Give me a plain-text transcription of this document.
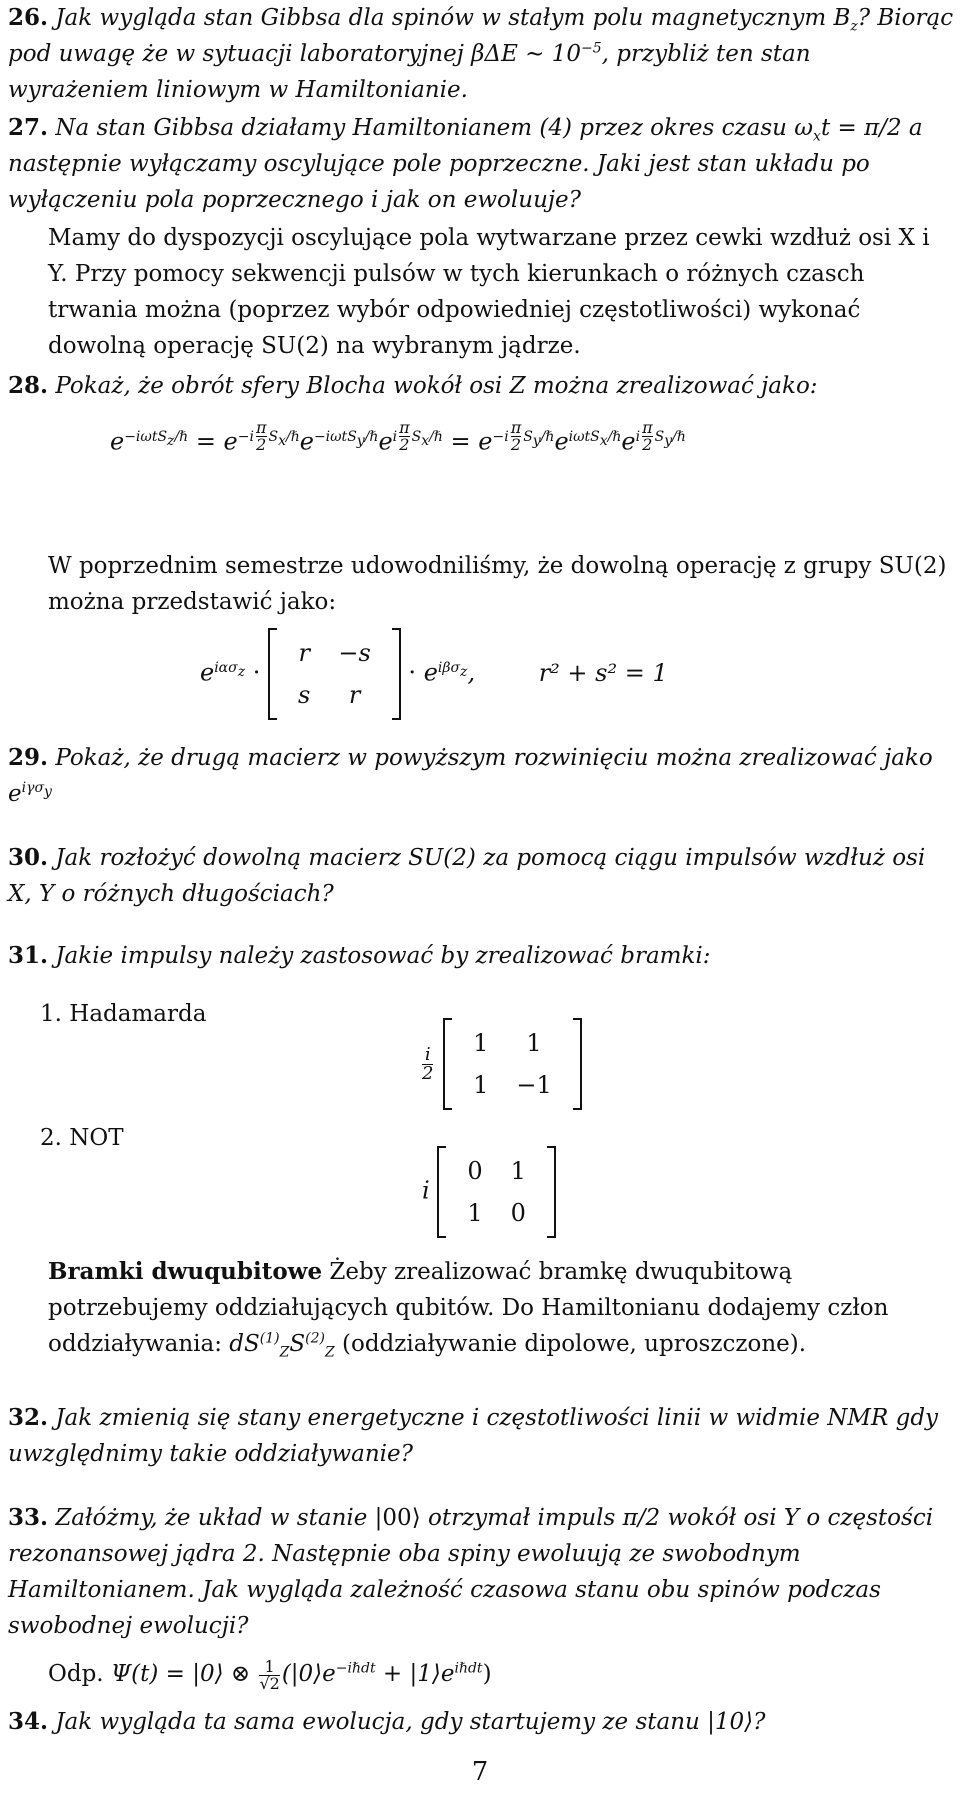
26. Jak wygląda stan Gibbsa dla spinów w stałym polu magnetycznym $B_z$? Biorąc pod uwagę że w sytuacji laboratoryjnej βΔE ∼ $10^{-5}$, przybliż ten stan wyrażeniem liniowym w Hamiltonianie.
27. Na stan Gibbsa działamy Hamiltonianem (4) przez okres czasu $\omega_xt = \pi/2$ a następnie wyłączamy oscylujące pole poprzeczne. Jaki jest stan układu po wyłączeniu pola poprzecznego i jak on ewoluuje?
Mamy do dyspozycji oscylujące pola wytwarzane przez cewki wzdłuż osi X i Y. Przy pomocy sekwencji pulsów w tych kierunkach o różnych czasch trwania można (poprzez wybór odpowiedniej częstotliwości) wykonać dowolną operację SU(2) na wybranym jądrze.
28. Pokaż, że obrót sfery Blocha wokół osi Z można zrealizować jako:
$e^{-i\omega tS_z/\hbar} = e^{-i \frac{\pi}{2} S_x/\hbar}e^{-i\omega tS_y/\hbar}e^{i \frac{\pi}{2} S_x/\hbar} = e^{-i \frac{\pi}{2} S_y/\hbar}e^{i\omega tS_x/\hbar}e^{i \frac{\pi}{2} S_y/\hbar}$
W poprzednim semestrze udowodniliśmy, że dowolną operację z grupy SU(2) można przedstawić jako:
$e^{i\alpha\sigma_z}$ ·
r	−s
s	r
· $e^{i\beta\sigma_z}$, r² + s² = 1
29. Pokaż, że drugą macierz w powyższym rozwinięciu można zrealizować jako $e^{i\gamma\sigma_y}$
30. Jak rozłożyć dowolną macierz SU(2) za pomocą ciągu impulsów wzdłuż osi X, Y o różnych długościach?
31. Jakie impulsy należy zastosować by zrealizować bramki:
1. Hadamarda
$\frac{i}{2}$

1	1
1	−1
2. NOT
i
0	1
1	0
Bramki dwuqubitowe Żeby zrealizować bramkę dwuqubitową potrzebujemy oddziałujących qubitów. Do Hamiltonianu dodajemy człon oddziaływania: $dS^{(1)}_ZS^{(2)}_Z$ (oddziaływanie dipolowe, uproszczone).
32. Jak zmienią się stany energetyczne i częstotliwości linii w widmie NMR gdy uwzględnimy takie oddziaływanie?
33. Załóżmy, że układ w stanie |00⟩ otrzymał impuls π/2 wokół osi Y o częstości rezonansowej jądra 2. Następnie oba spiny ewoluują ze swobodnym Hamiltonianem. Jak wygląda zależność czasowa stanu obu spinów podczas swobodnej ewolucji?
Odp. Ψ(t) = |0⟩ ⊗ $\frac{1}{√2}$ ($|0⟩e^{-i\hbar dt}$ + $|1⟩e^{i\hbar dt}$)
34. Jak wygląda ta sama ewolucja, gdy startujemy ze stanu |10⟩?
7
